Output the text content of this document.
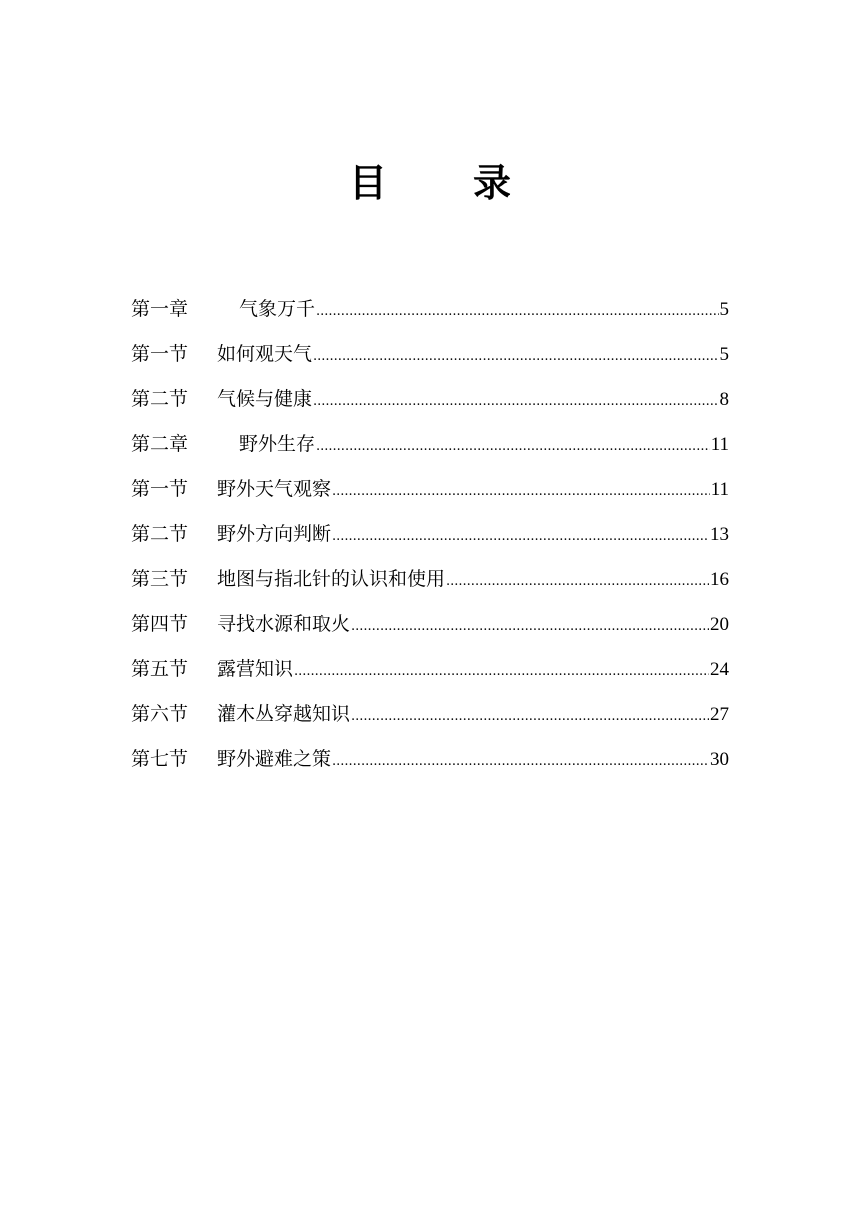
目 录
第一章	气象万千 .....	5
第一节	如何观天气 .....	5
第二节	气候与健康 .....	8
第二章	野外生存 .....	11
第一节	野外天气观察 .....	11
第二节	野外方向判断 .....	13
第三节	地图与指北针的认识和使用 .....	16
第四节	寻找水源和取火 .....	20
第五节	露营知识 .....	24
第六节	灌木丛穿越知识 .....	27
第七节	野外避难之策 .....	30
